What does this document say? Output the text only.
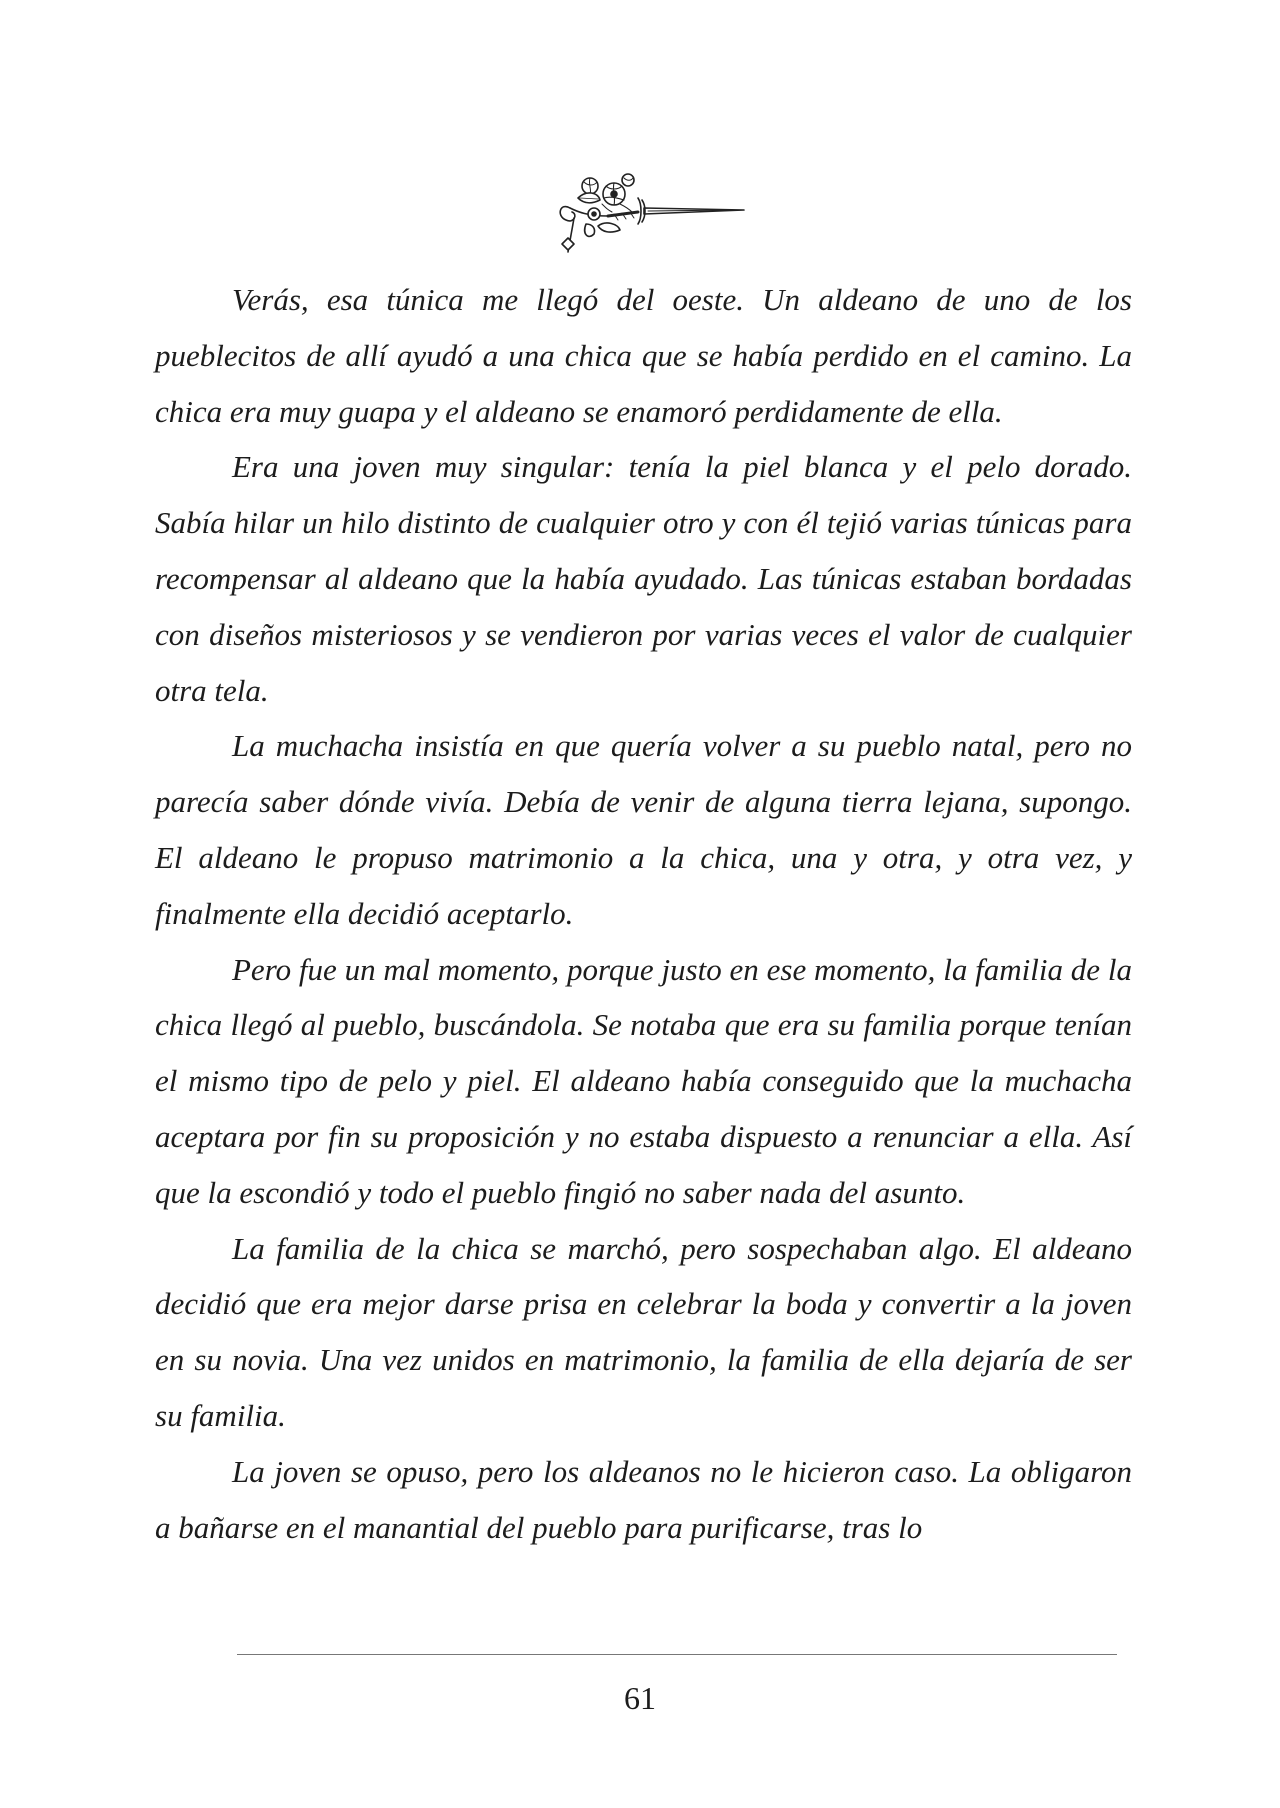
Verás, esa túnica me llegó del oeste. Un aldeano de uno de los pueblecitos de allí ayudó a una chica que se había perdido en el camino. La chica era muy guapa y el aldeano se enamoró perdidamente de ella.

Era una joven muy singular: tenía la piel blanca y el pelo dorado. Sabía hilar un hilo distinto de cualquier otro y con él tejió varias túnicas para recompensar al aldeano que la había ayudado. Las túnicas estaban bordadas con diseños misteriosos y se vendieron por varias veces el valor de cualquier otra tela.

La muchacha insistía en que quería volver a su pueblo natal, pero no parecía saber dónde vivía. Debía de venir de alguna tierra lejana, supongo. El aldeano le propuso matrimonio a la chica, una y otra, y otra vez, y finalmente ella decidió aceptarlo.

Pero fue un mal momento, porque justo en ese momento, la familia de la chica llegó al pueblo, buscándola. Se notaba que era su familia porque tenían el mismo tipo de pelo y piel. El aldeano había conseguido que la muchacha aceptara por fin su proposición y no estaba dispuesto a renunciar a ella. Así que la escondió y todo el pueblo fingió no saber nada del asunto.

La familia de la chica se marchó, pero sospechaban algo. El aldeano decidió que era mejor darse prisa en celebrar la boda y convertir a la joven en su novia. Una vez unidos en matrimonio, la familia de ella dejaría de ser su familia.

La joven se opuso, pero los aldeanos no le hicieron caso. La obligaron a bañarse en el manantial del pueblo para purificarse, tras lo

61
